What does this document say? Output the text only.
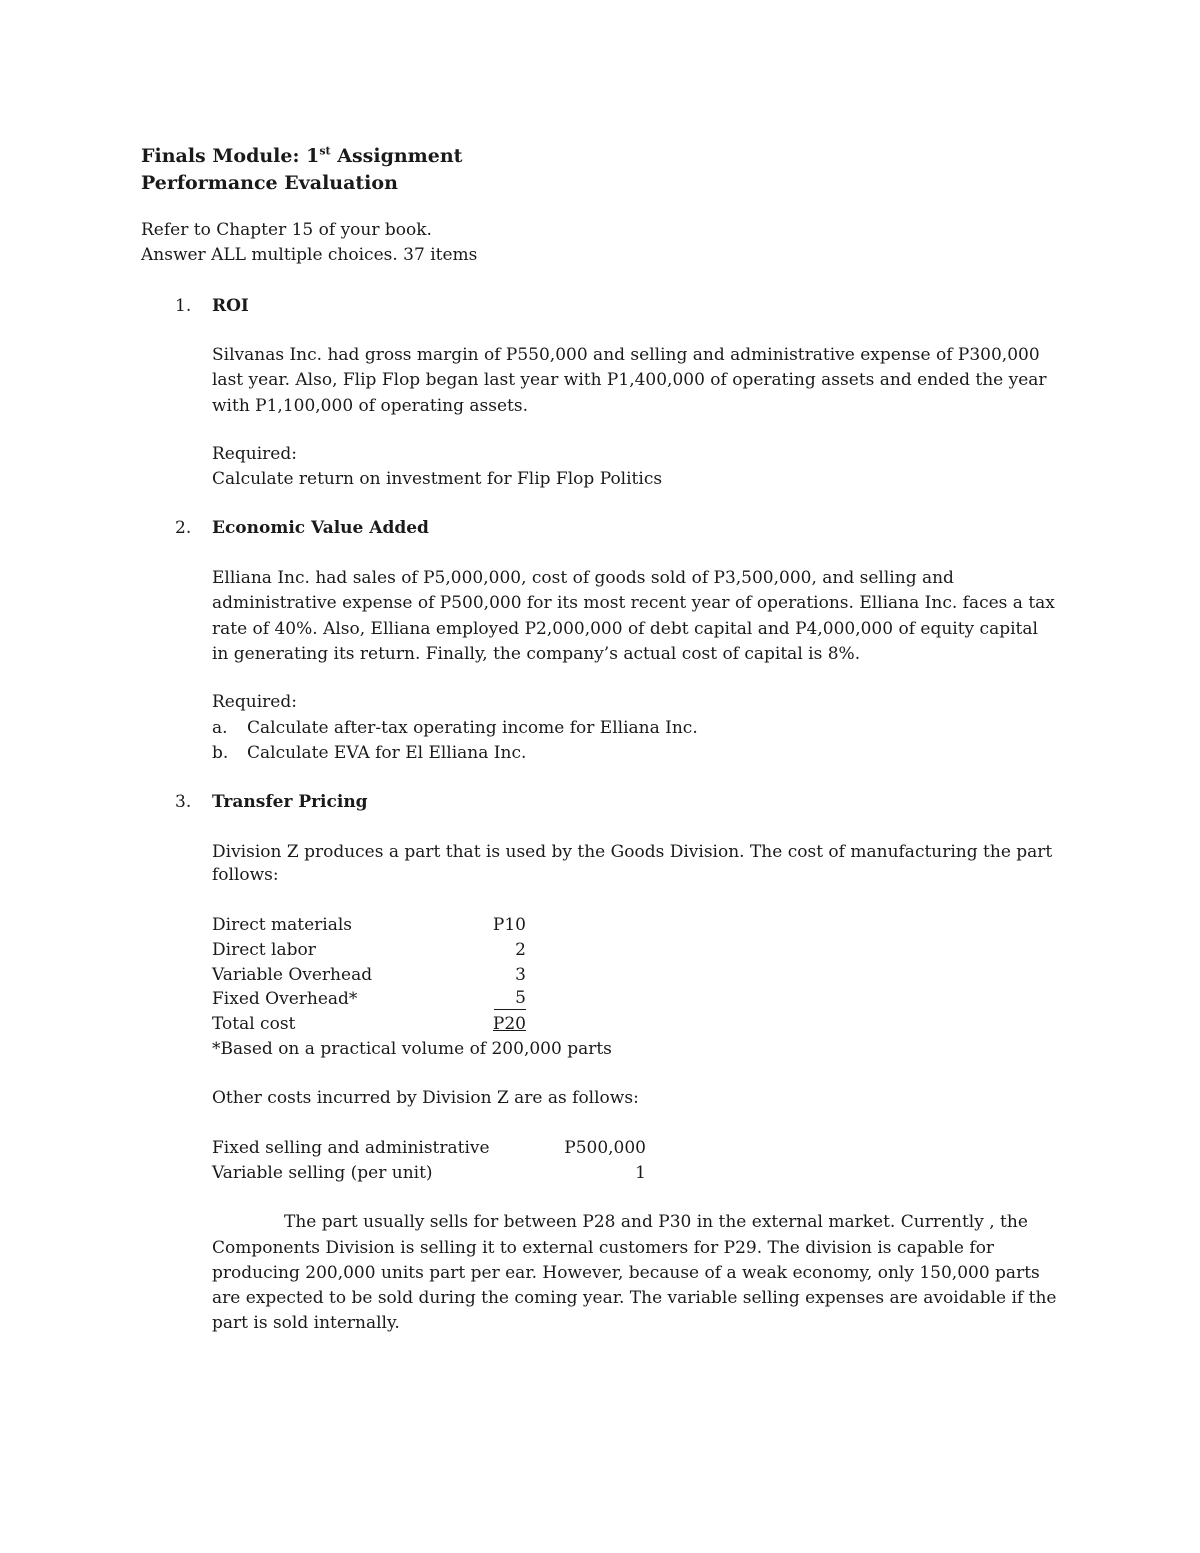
Finals Module: 1st Assignment
Performance Evaluation
Refer to Chapter 15 of your book.
Answer ALL multiple choices. 37 items
1. ROI
Silvanas Inc. had gross margin of P550,000 and selling and administrative expense of P300,000
last year. Also, Flip Flop began last year with P1,400,000 of operating assets and ended the year
with P1,100,000 of operating assets.
Required:
Calculate return on investment for Flip Flop Politics
2. Economic Value Added
Elliana Inc. had sales of P5,000,000, cost of goods sold of P3,500,000, and selling and
administrative expense of P500,000 for its most recent year of operations. Elliana Inc. faces a tax
rate of 40%. Also, Elliana employed P2,000,000 of debt capital and P4,000,000 of equity capital
in generating its return. Finally, the company’s actual cost of capital is 8%.
Required:
a. Calculate after-tax operating income for Elliana Inc.
b. Calculate EVA for El Elliana Inc.
3. Transfer Pricing
Division Z produces a part that is used by the Goods Division. The cost of manufacturing the part
follows:
Direct materials	P10
Direct labor	2
Variable Overhead	3
Fixed Overhead*	5
Total cost	P20
*Based on a practical volume of 200,000 parts
Other costs incurred by Division Z are as follows:
Fixed selling and administrative	P500,000
Variable selling (per unit)	1
The part usually sells for between P28 and P30 in the external market. Currently , the
Components Division is selling it to external customers for P29. The division is capable for
producing 200,000 units part per ear. However, because of a weak economy, only 150,000 parts
are expected to be sold during the coming year. The variable selling expenses are avoidable if the
part is sold internally.
